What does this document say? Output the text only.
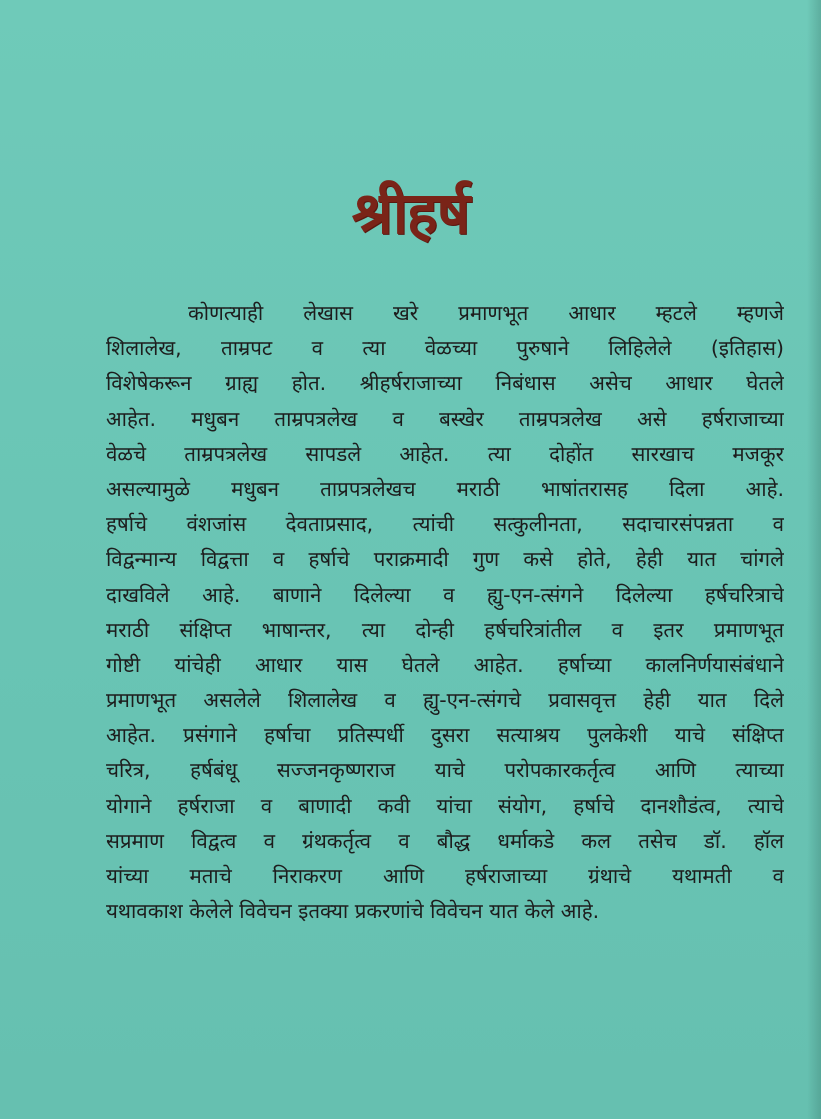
श्रीहर्ष
कोणत्याही लेखास खरे प्रमाणभूत आधार म्हटले म्हणजे
शिलालेख, ताम्रपट व त्या वेळच्या पुरुषाने लिहिलेले (इतिहास)
विशेषेकरून ग्राह्य होत. श्रीहर्षराजाच्या निबंधास असेच आधार घेतले
आहेत. मधुबन ताम्रपत्रलेख व बस्खेर ताम्रपत्रलेख असे हर्षराजाच्या
वेळचे ताम्रपत्रलेख सापडले आहेत. त्या दोहोंत सारखाच मजकूर
असल्यामुळे मधुबन ताप्रपत्रलेखच मराठी भाषांतरासह दिला आहे.
हर्षाचे वंशजांस देवताप्रसाद, त्यांची सत्कुलीनता, सदाचारसंपन्नता व
विद्वन्मान्य विद्वत्ता व हर्षाचे पराक्रमादी गुण कसे होते, हेही यात चांगले
दाखविले आहे. बाणाने दिलेल्या व ह्यु-एन-त्संगने दिलेल्या हर्षचरित्राचे
मराठी संक्षिप्त भाषान्तर, त्या दोन्ही हर्षचरित्रांतील व इतर प्रमाणभूत
गोष्टी यांचेही आधार यास घेतले आहेत. हर्षाच्या कालनिर्णयासंबंधाने
प्रमाणभूत असलेले शिलालेख व ह्यु-एन-त्संगचे प्रवासवृत्त हेही यात दिले
आहेत. प्रसंगाने हर्षाचा प्रतिस्पर्धी दुसरा सत्याश्रय पुलकेशी याचे संक्षिप्त
चरित्र, हर्षबंधू सज्जनकृष्णराज याचे परोपकारकर्तृत्व आणि त्याच्या
योगाने हर्षराजा व बाणादी कवी यांचा संयोग, हर्षाचे दानशौडंत्व, त्याचे
सप्रमाण विद्वत्व व ग्रंथकर्तृत्व व बौद्ध धर्माकडे कल तसेच डॉ. हॉल
यांच्या मताचे निराकरण आणि हर्षराजाच्या ग्रंथाचे यथामती व
यथावकाश केलेले विवेचन इतक्या प्रकरणांचे विवेचन यात केले आहे.
